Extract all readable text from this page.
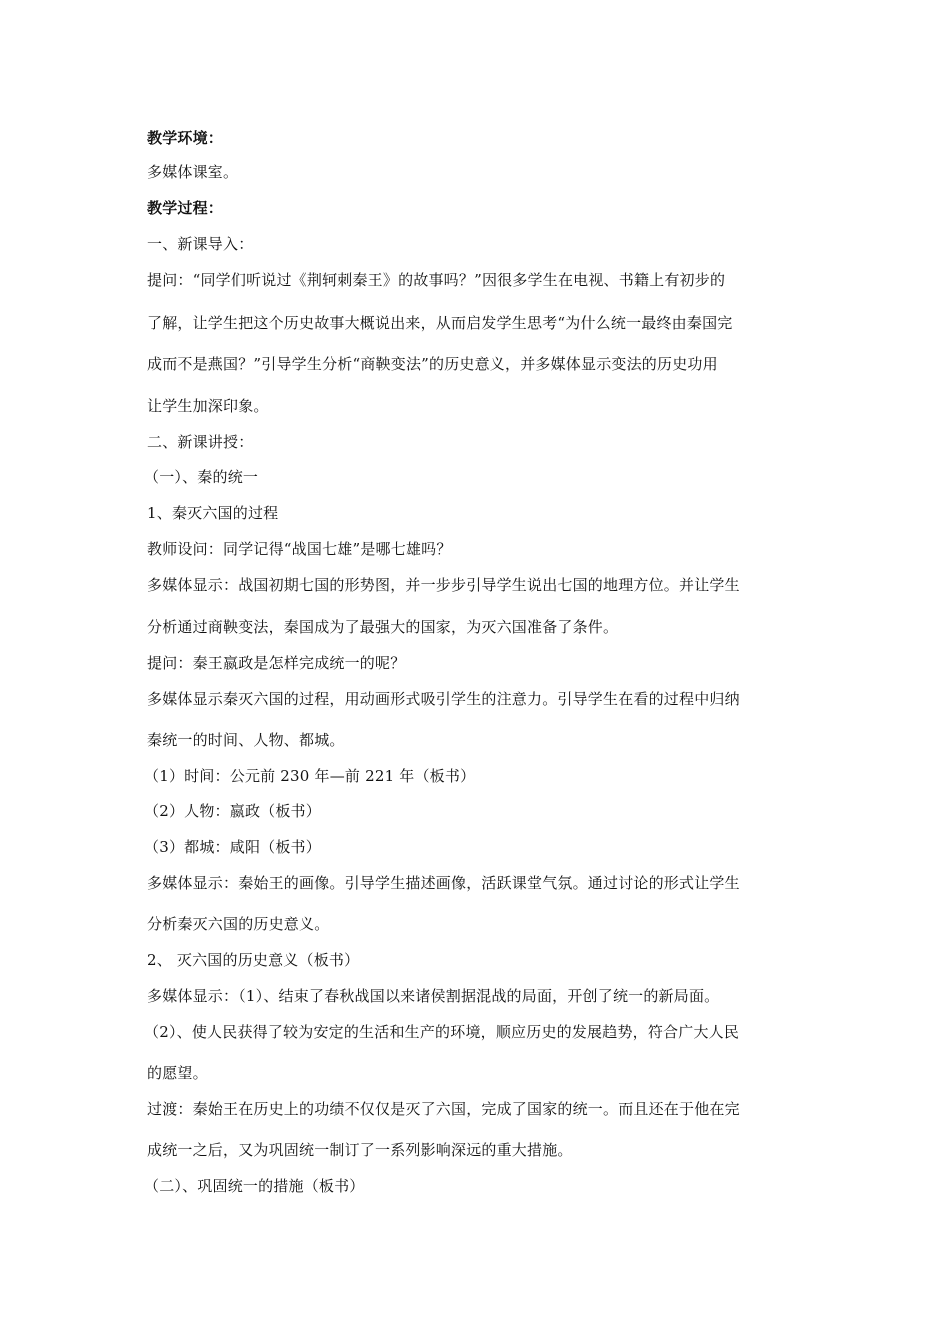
教学环境：
多媒体课室。
教学过程：
一、新课导入：
提问：“同学们听说过《荆轲刺秦王》的故事吗？”因很多学生在电视、书籍上有初步的
了解，让学生把这个历史故事大概说出来，从而启发学生思考“为什么统一最终由秦国完
成而不是燕国？”引导学生分析“商鞅变法”的历史意义，并多媒体显示变法的历史功用
让学生加深印象。
二、新课讲授：
（一）、秦的统一
1、秦灭六国的过程
教师设问：同学记得“战国七雄”是哪七雄吗？
多媒体显示：战国初期七国的形势图，并一步步引导学生说出七国的地理方位。并让学生
分析通过商鞅变法，秦国成为了最强大的国家，为灭六国准备了条件。
提问：秦王嬴政是怎样完成统一的呢？
多媒体显示秦灭六国的过程，用动画形式吸引学生的注意力。引导学生在看的过程中归纳
秦统一的时间、人物、都城。
（1）时间：公元前 230 年—前 221 年（板书）
（2）人物：嬴政（板书）
（3）都城：咸阳（板书）
多媒体显示：秦始王的画像。引导学生描述画像，活跃课堂气氛。通过讨论的形式让学生
分析秦灭六国的历史意义。
2、 灭六国的历史意义（板书）
多媒体显示：（1）、结束了春秋战国以来诸侯割据混战的局面，开创了统一的新局面。
（2）、使人民获得了较为安定的生活和生产的环境，顺应历史的发展趋势，符合广大人民
的愿望。
过渡：秦始王在历史上的功绩不仅仅是灭了六国，完成了国家的统一。而且还在于他在完
成统一之后，又为巩固统一制订了一系列影响深远的重大措施。
（二）、巩固统一的措施（板书）
